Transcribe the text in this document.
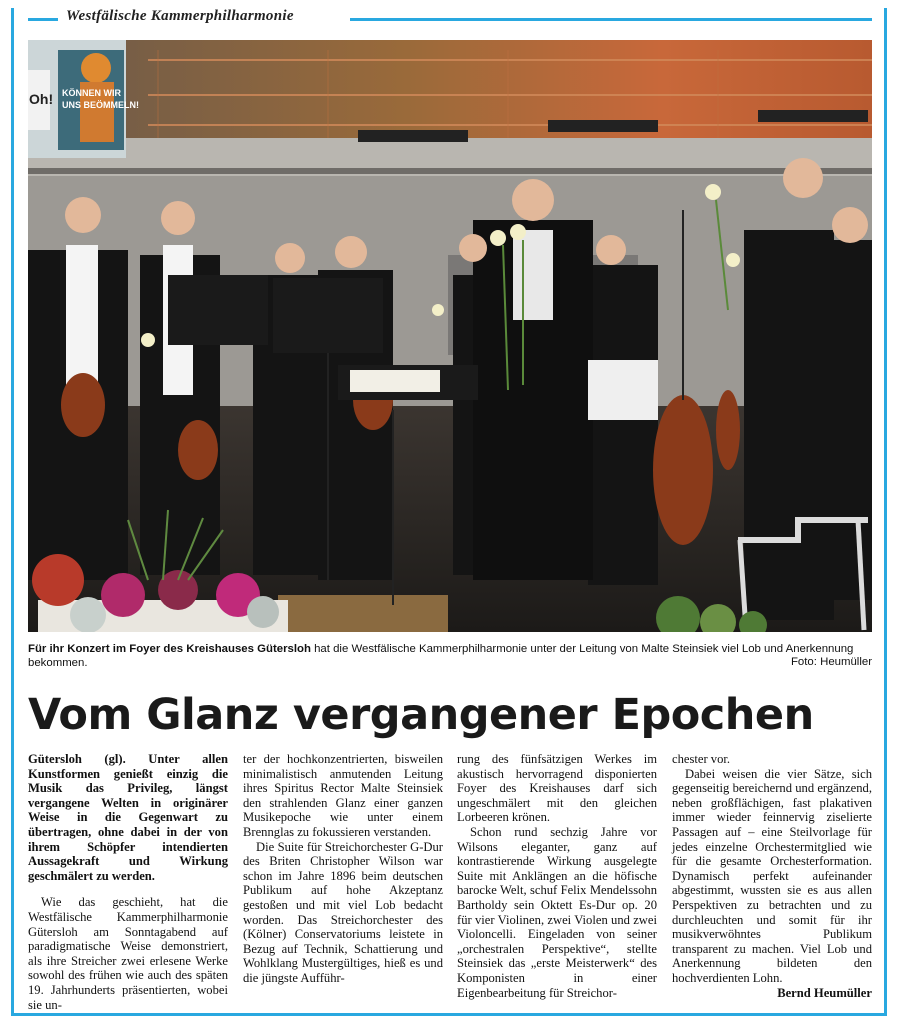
Westfälische Kammerphilharmonie
KÖNNEN WIR
UNS BEÖMMELN!
Oh!
Für ihr Konzert im Foyer des Kreishauses Gütersloh hat die Westfälische Kammerphilharmonie unter der Leitung von Malte Steinsiek viel Lob und Anerkennung bekommen.	Foto: Heumüller
Vom Glanz vergangener Epochen

Gütersloh (gl). Unter allen Kunstformen genießt einzig die Musik das Privileg, längst vergangene Welten in originärer Weise in die Gegenwart zu übertragen, ohne dabei in der von ihrem Schöpfer intendierten Aussagekraft und Wirkung geschmälert zu werden.

Wie das geschieht, hat die Westfälische Kammerphilharmonie Gütersloh am Sonntagabend auf paradigmatische Weise demonstriert, als ihre Streicher zwei erlesene Werke sowohl des frühen wie auch des späten 19. Jahrhunderts präsentierten, wobei sie un-

ter der hochkonzentrierten, bisweilen minimalistisch anmutenden Leitung ihres Spiritus Rector Malte Steinsiek den strahlenden Glanz einer ganzen Musikepoche wie unter einem Brennglas zu fokussieren verstanden.

Die Suite für Streichorchester G-Dur des Briten Christopher Wilson war schon im Jahre 1896 beim deutschen Publikum auf hohe Akzeptanz gestoßen und mit viel Lob bedacht worden. Das Streichorchester des (Kölner) Conservatoriums leistete in Bezug auf Technik, Schattierung und Wohlklang Mustergültiges, hieß es und die jüngste Aufführ-

rung des fünfsätzigen Werkes im akustisch hervorragend disponierten Foyer des Kreishauses darf sich ungeschmälert mit den gleichen Lorbeeren krönen.

Schon rund sechzig Jahre vor Wilsons eleganter, ganz auf kontrastierende Wirkung ausgelegte Suite mit Anklängen an die höfische barocke Welt, schuf Felix Mendelssohn Bartholdy sein Oktett Es-Dur op. 20 für vier Violinen, zwei Violen und zwei Violoncelli. Eingeladen von seiner „orchestralen Perspektive“, stellte Steinsiek das „erste Meisterwerk“ des Komponisten in einer Eigenbearbeitung für Streichor-

chester vor.

Dabei weisen die vier Sätze, sich gegenseitig bereichernd und ergänzend, neben großflächigen, fast plakativen immer wieder feinnervig ziselierte Passagen auf – eine Steilvorlage für jedes einzelne Orchestermitglied wie für die gesamte Orchesterformation. Dynamisch perfekt aufeinander abgestimmt, wussten sie es aus allen Perspektiven zu betrachten und zu durchleuchten und somit für ihr musikverwöhntes Publikum transparent zu machen. Viel Lob und Anerkennung bildeten den hochverdienten Lohn.

Bernd Heumüller
